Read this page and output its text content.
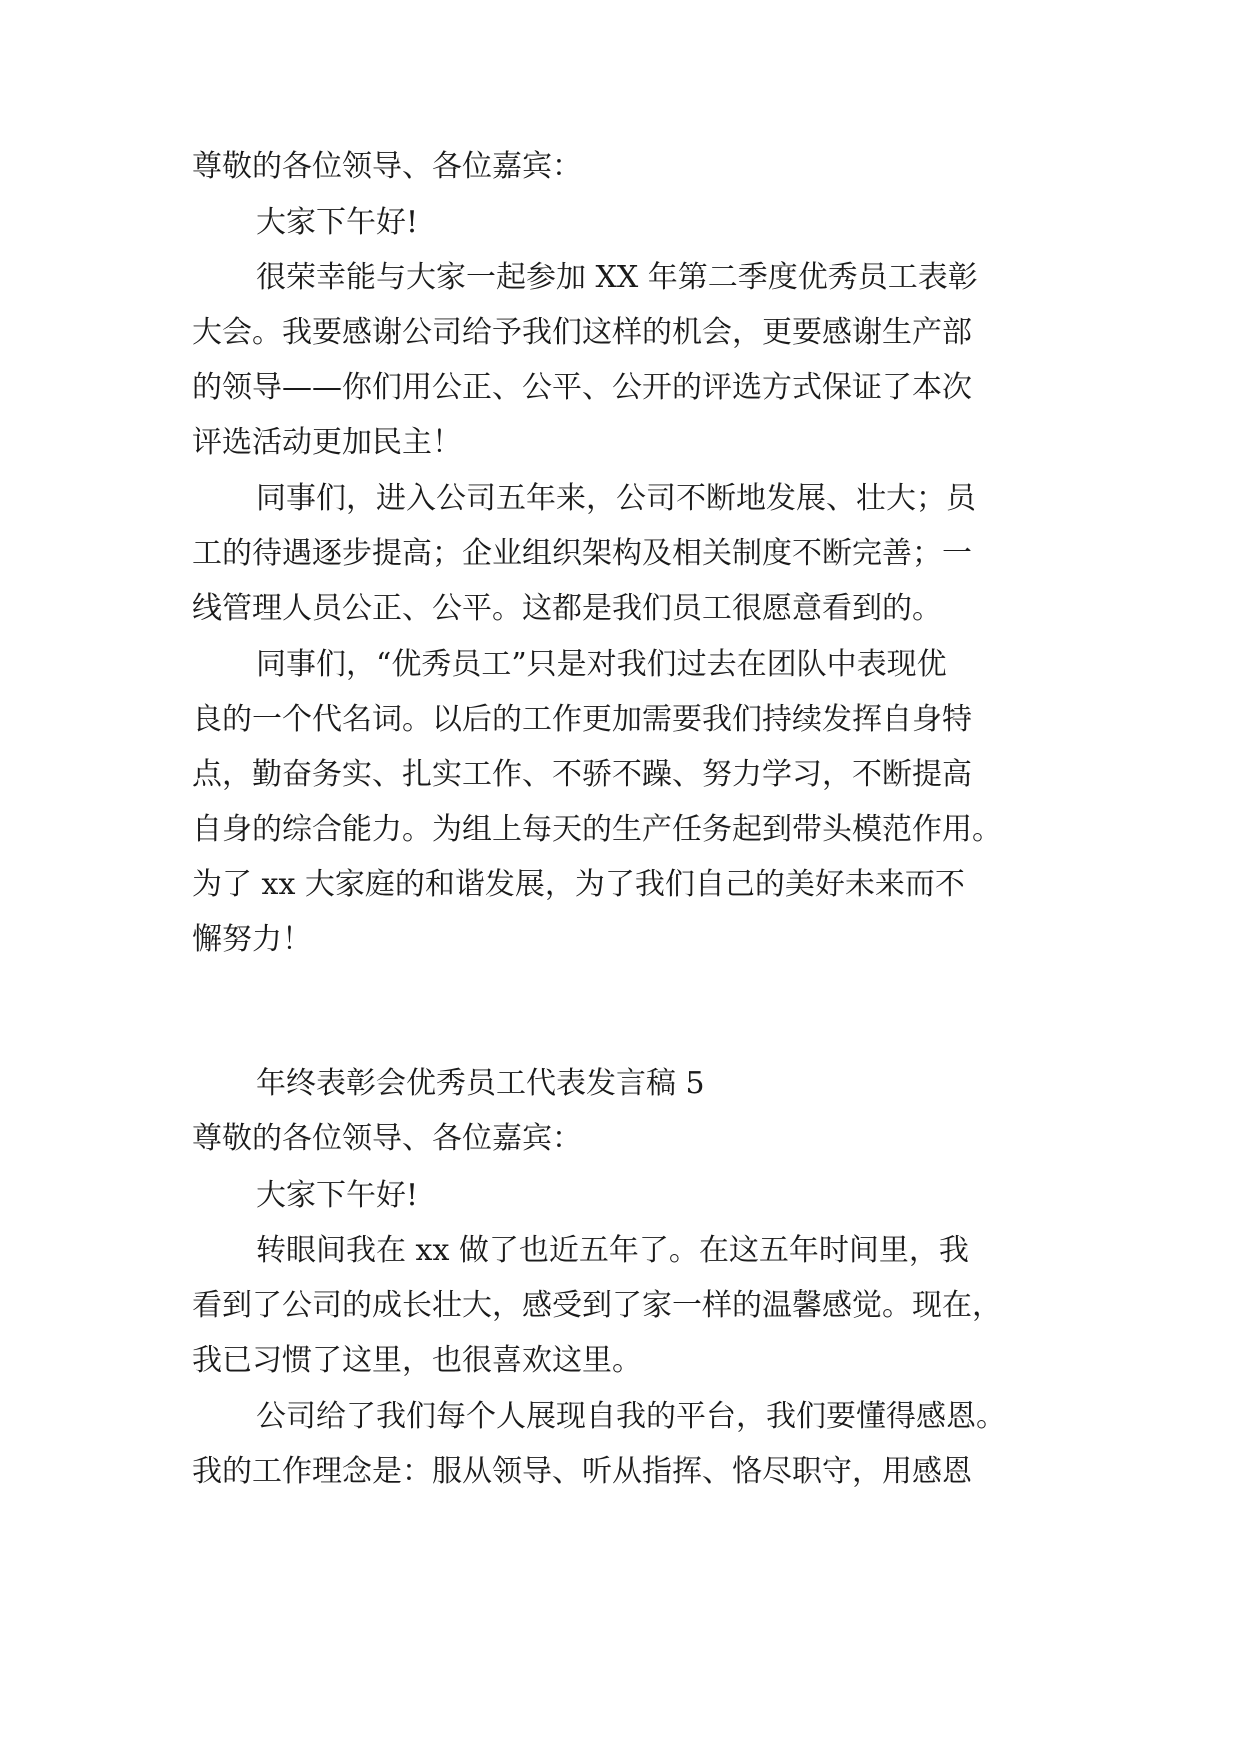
尊敬的各位领导、各位嘉宾：
大家下午好!
很荣幸能与大家一起参加 XX 年第二季度优秀员工表彰
大会。我要感谢公司给予我们这样的机会，更要感谢生产部
的领导——你们用公正、公平、公开的评选方式保证了本次
评选活动更加民主！
同事们，进入公司五年来，公司不断地发展、壮大；员
工的待遇逐步提高；企业组织架构及相关制度不断完善；一
线管理人员公正、公平。这都是我们员工很愿意看到的。
同事们，“优秀员工”只是对我们过去在团队中表现优
良的一个代名词。以后的工作更加需要我们持续发挥自身特
点，勤奋务实、扎实工作、不骄不躁、努力学习，不断提高
自身的综合能力。为组上每天的生产任务起到带头模范作用。
为了 xx 大家庭的和谐发展，为了我们自己的美好未来而不
懈努力！
年终表彰会优秀员工代表发言稿 5
尊敬的各位领导、各位嘉宾：
大家下午好!
转眼间我在 xx 做了也近五年了。在这五年时间里，我
看到了公司的成长壮大，感受到了家一样的温馨感觉。现在，
我已习惯了这里，也很喜欢这里。
公司给了我们每个人展现自我的平台，我们要懂得感恩。
我的工作理念是：服从领导、听从指挥、恪尽职守，用感恩
